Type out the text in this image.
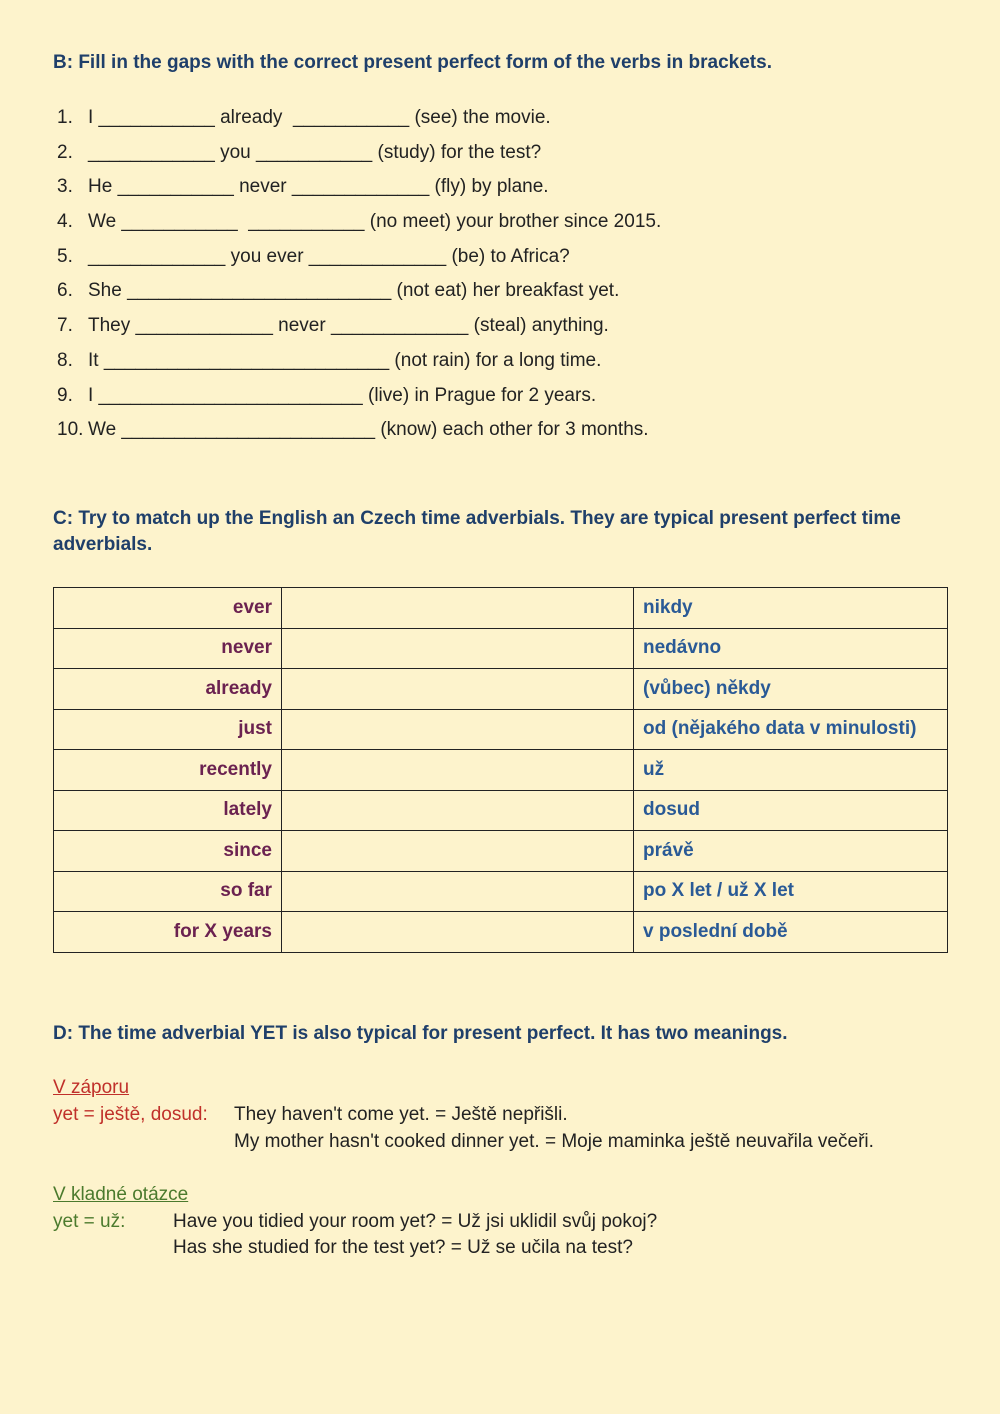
B: Fill in the gaps with the correct present perfect form of the verbs in brackets.
1. I ___________ already  ___________ (see) the movie.
2. ____________ you ___________ (study) for the test?
3. He ___________ never _____________ (fly) by plane.
4. We ___________  ___________ (no meet) your brother since 2015.
5. _____________ you ever _____________ (be) to Africa?
6. She _________________________ (not eat) her breakfast yet.
7. They _____________ never _____________ (steal) anything.
8. It ___________________________ (not rain) for a long time.
9. I _________________________ (live) in Prague for 2 years.
10. We ________________________ (know) each other for 3 months.
C: Try to match up the English an Czech time adverbials. They are typical present perfect time adverbials.
ever		nikdy
never		nedávno
already		(vůbec) někdy
just		od (nějakého data v minulosti)
recently		už
lately		dosud
since		právě
so far		po X let / už X let
for X years		v poslední době
D: The time adverbial YET is also typical for present perfect. It has two meanings.
V záporu
yet = ještě, dosud: They haven't come yet. = Ještě nepřišli.
My mother hasn't cooked dinner yet. = Moje maminka ještě neuvařila večeři.
V kladné otázce
yet = už:	Have you tidied your room yet? = Už jsi uklidil svůj pokoj?
Has she studied for the test yet? = Už se učila na test?
